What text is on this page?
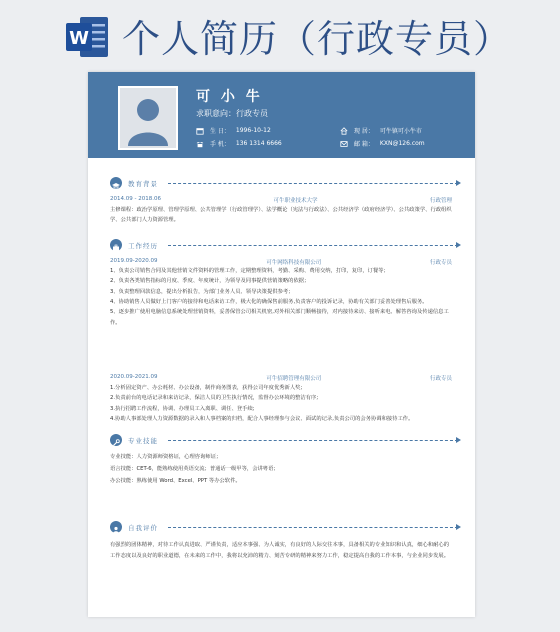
W 个人简历（行政专员）
可 小 牛
求职意向：行政专员
生 日： 1996-10-12
手 机： 136 1314 6666
现 居： 可牛镇可小牛市
邮 箱： KXN@126.com
教育背景
2014.09 - 2018.06	可牛职业技术大学	行政管理

主修课程：政治学原理、管理学原理、公共管理学（行政管理学）、法学概论（宪法与行政法）、公共经济学（政府经济学）、公共政策学、行政组织学、公共部门人力资源管理。

工作经历
2019.09-2020.09	可牛网络科技有限公司	行政专员

1、负责公司销售合同及其他营销文件资料的管理工作，定期整理资料，考勤、采购、费用交纳，打印，复印，订餐等；

2、负责各类销售指标的月度、季度、年度统计，为领导及同事提供营销策略的依据；

3、负责整理回款信息，提出分析报告，为部门业务人员、领导决策提供参考；

4、协助销售人员做好上门客户的接待和电话来访工作，极大化的确保售前服务,负责客户的投诉记录，协助有关部门妥善处理售后服务。

5、逐步推广使用电脑信息系统处理营销资料，妥善保管公司相关机密,对外相关部门顺畅接待，对内接待来访、接听来电、解答咨询及传递信息工作。

2020.09-2021.09	可牛招聘管理有限公司	行政专员

1.分析固定资产、办公耗材、办公设备，制作商务图表，获得公司年度优秀新人奖;

2.负责前台的电话记录和来访记录，保洁人员的卫生执行情况，监督办公环境的整洁有序;

3.执行招聘工作流程，协调、办理员工入离职、调任、登手续;

4.协助人事部处理人力资源数据的录入和人事档案的归档，配合人事经理参与会议、面试的记录,负责公司的会务协调和接待工作。

专业技能

专业技能：人力资源师资格证，心理咨询师证；

语言技能：CET-6，能熟练使用英语交流；普通话一级甲等，会讲粤语；

办公技能：熟练使用 Word、Excel、PPT 等办公软件。

自我评价

有强烈的团体精神，对待工作认真进取、严谨负责，适应本事强、为人诚实，有良好的人际交往本事，具备相关的专业知识和认真，细心和耐心的工作态度以及良好的职业道德，在未来的工作中，我将以充沛的精力、刻苦专研的精神来努力工作，稳定提高自我的工作本事，与企业同步发展。
